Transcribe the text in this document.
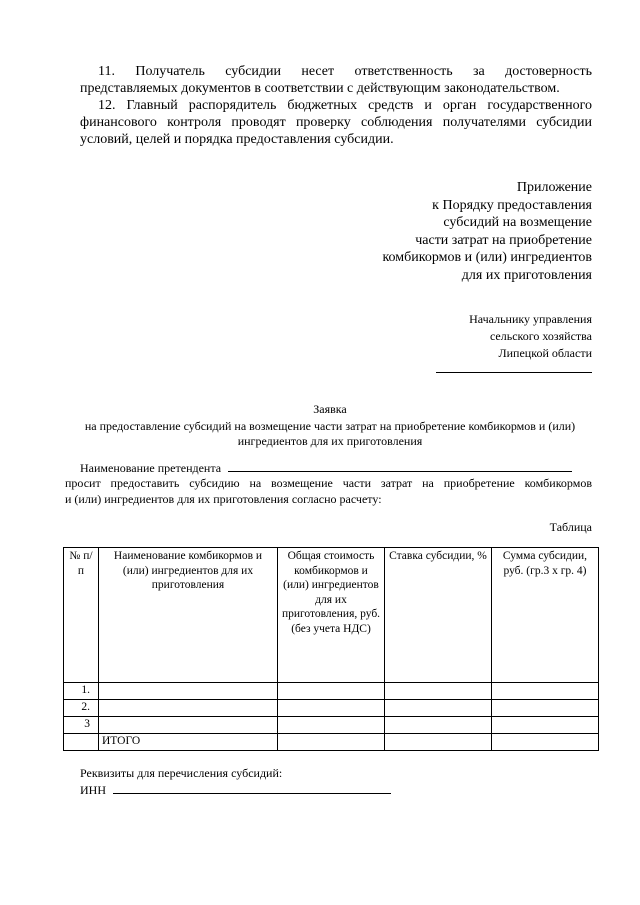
11. Получатель субсидии несет ответственность за достоверность
представляемых документов в соответствии с действующим законодательством.
12. Главный распорядитель бюджетных средств и орган государственного
финансового контроля проводят проверку соблюдения получателями субсидии условий, целей и порядка предоставления субсидии.
Приложение
к Порядку предоставления
субсидий на возмещение
части затрат на приобретение
комбикормов и (или) ингредиентов
для их приготовления
Начальнику управления
сельского хозяйства
Липецкой области
Заявка
на предоставление субсидий на возмещение части затрат на приобретение комбикормов и (или) ингредиентов для их приготовления
Наименование претендента
просит предоставить субсидию на возмещение части затрат на приобретение комбикормов
и (или) ингредиентов для их приготовления согласно расчету:
Таблица
№ п/п	Наименование комбикормов и (или) ингредиентов для их приготовления	Общая стоимость комбикормов и (или) ингредиентов для их приготовления, руб. (без учета НДС)	Ставка субсидии, %	Сумма субсидии, руб. (гр.3 х гр. 4)
1.				
2.				
3				
	ИТОГО			
Реквизиты для перечисления субсидий:
ИНН
